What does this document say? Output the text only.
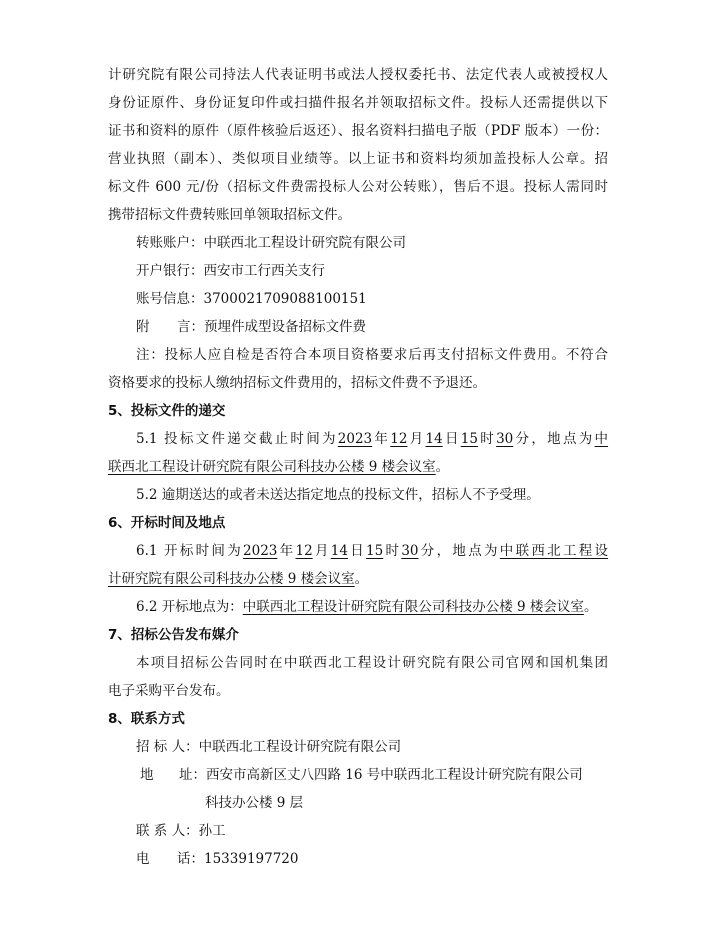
计研究院有限公司持法人代表证明书或法人授权委托书、法定代表人或被授权人
身份证原件、身份证复印件或扫描件报名并领取招标文件。投标人还需提供以下
证书和资料的原件（原件核验后返还）、报名资料扫描电子版（PDF 版本）一份：
营业执照（副本）、类似项目业绩等。以上证书和资料均须加盖投标人公章。招
标文件 600 元/份（招标文件费需投标人公对公转账），售后不退。投标人需同时
携带招标文件费转账回单领取招标文件。
转账账户：中联西北工程设计研究院有限公司
开户银行：西安市工行西关支行
账号信息：3700021709088100151
附 言：预埋件成型设备招标文件费
注：投标人应自检是否符合本项目资格要求后再支付招标文件费用。不符合
资格要求的投标人缴纳招标文件费用的，招标文件费不予退还。
5、投标文件的递交
5.1 投标文件递交截止时间为2023年12月14日15时30分，地点为中
联西北工程设计研究院有限公司科技办公楼 9 楼会议室。
5.2 逾期送达的或者未送达指定地点的投标文件，招标人不予受理。
6、开标时间及地点
6.1 开标时间为2023年12月14日15时30分，地点为中联西北工程设
计研究院有限公司科技办公楼 9 楼会议室。
6.2 开标地点为：中联西北工程设计研究院有限公司科技办公楼 9 楼会议室。
7、招标公告发布媒介
本项目招标公告同时在中联西北工程设计研究院有限公司官网和国机集团
电子采购平台发布。
8、联系方式
招 标 人：中联西北工程设计研究院有限公司
地 址：西安市高新区丈八四路 16 号中联西北工程设计研究院有限公司
科技办公楼 9 层
联 系 人：孙工
电 话：15339197720
